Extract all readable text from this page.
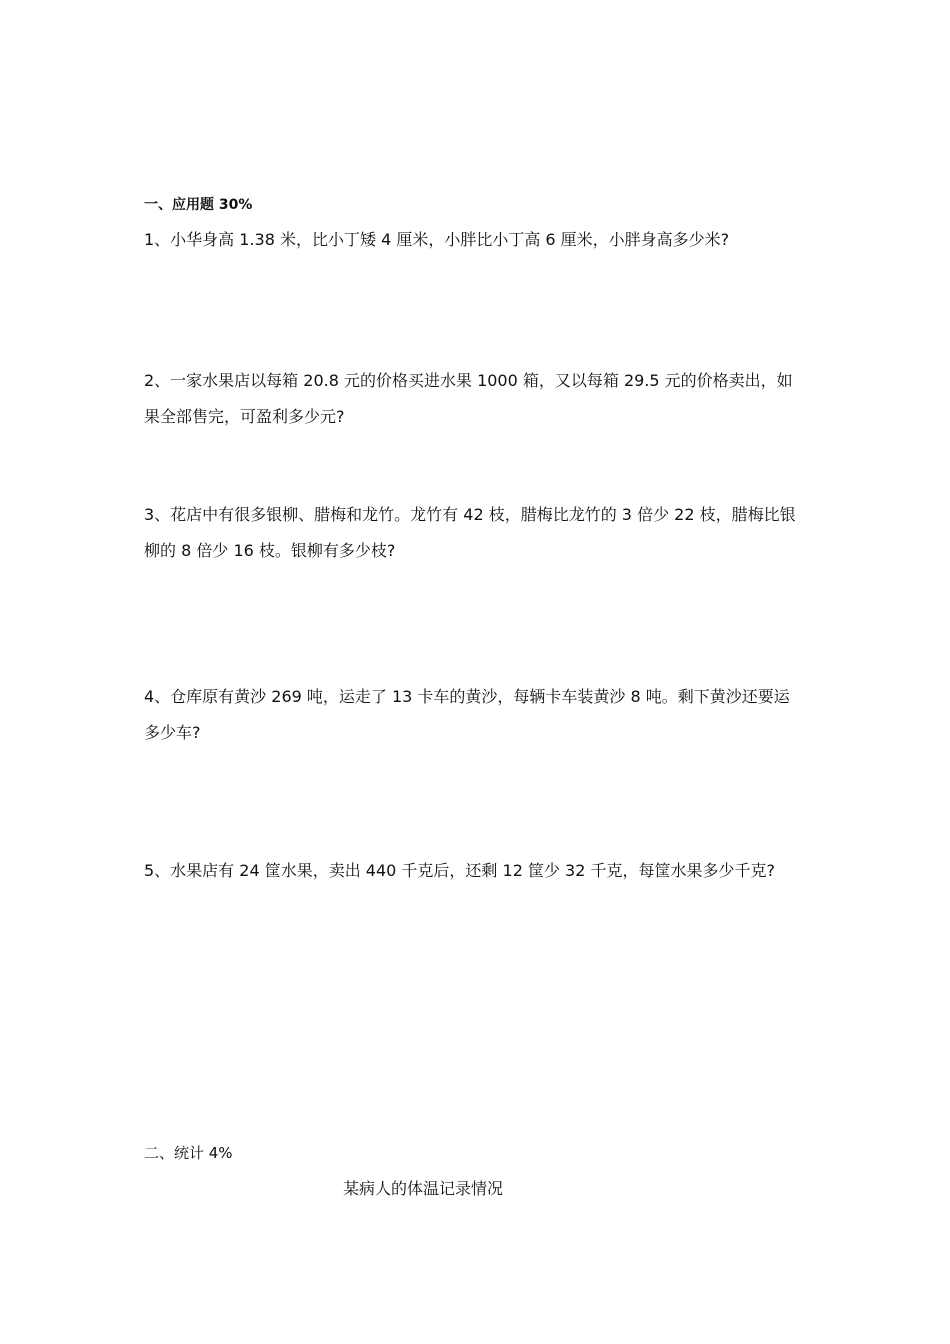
一、应用题 30%
1、小华身高 1.38 米，比小丁矮 4 厘米，小胖比小丁高 6 厘米，小胖身高多少米?
2、一家水果店以每箱 20.8 元的价格买进水果 1000 箱，又以每箱 29.5 元的价格卖出，如
果全部售完，可盈利多少元?
3、花店中有很多银柳、腊梅和龙竹。龙竹有 42 枝，腊梅比龙竹的 3 倍少 22 枝，腊梅比银
柳的 8 倍少 16 枝。银柳有多少枝?
4、仓库原有黄沙 269 吨，运走了 13 卡车的黄沙，每辆卡车装黄沙 8 吨。剩下黄沙还要运
多少车?
5、水果店有 24 筐水果，卖出 440 千克后，还剩 12 筐少 32 千克，每筐水果多少千克?
二、统计 4%
某病人的体温记录情况
